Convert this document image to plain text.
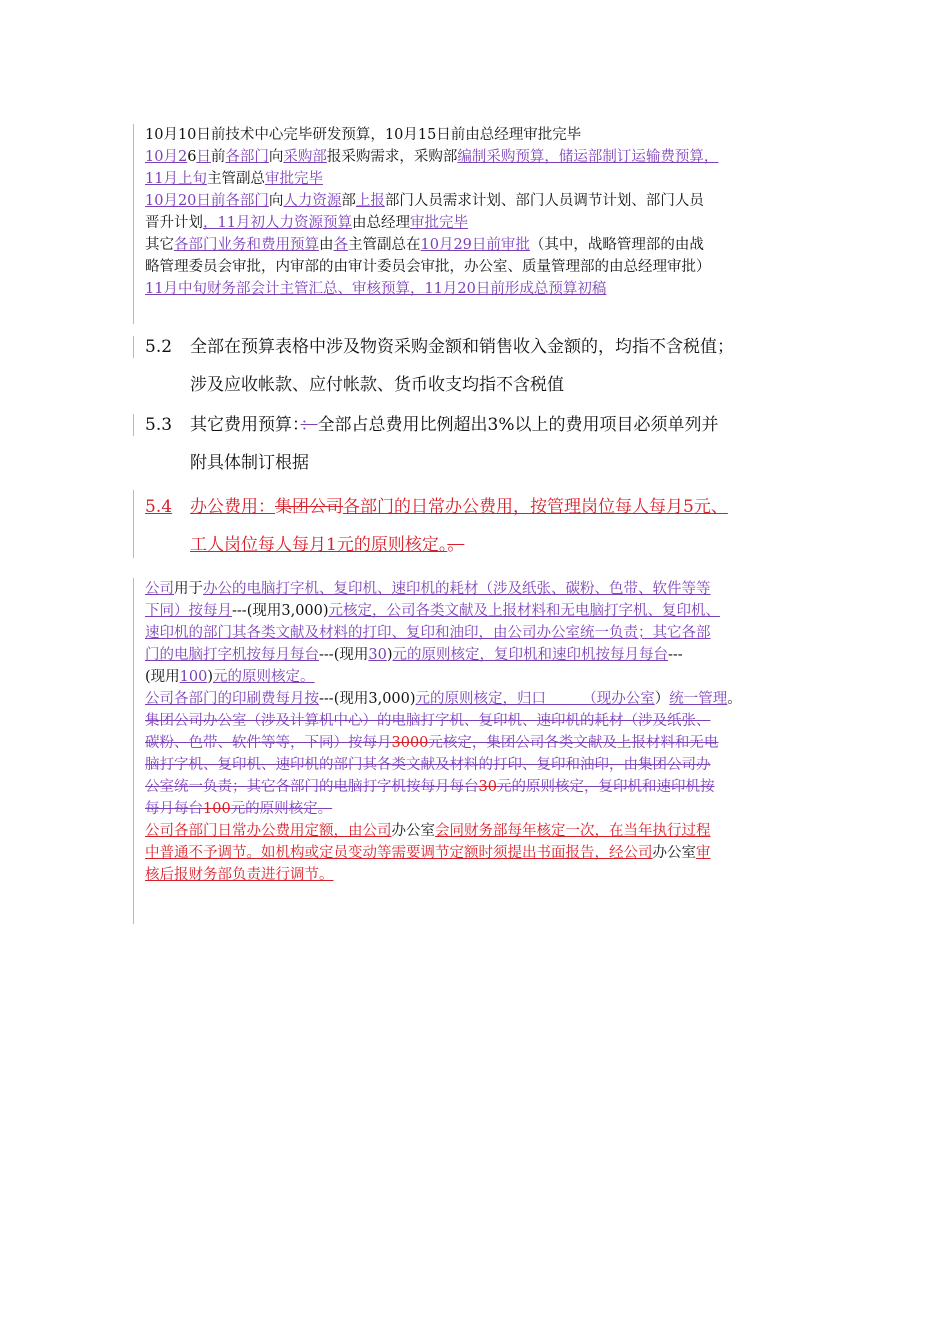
10月10日前技术中心完毕研发预算，10月15日前由总经理审批完毕

10月26日前各部门向采购部报采购需求，采购部编制采购预算，储运部制订运输费预算，

11月上旬主管副总审批完毕

10月20日前各部门向人力资源部上报部门人员需求计划、部门人员调节计划、部门人员

晋升计划，11月初人力资源预算由总经理审批完毕

其它各部门业务和费用预算由各主管副总在10月29日前审批（其中，战略管理部的由战

略管理委员会审批，内审部的由审计委员会审批，办公室、质量管理部的由总经理审批）

11月中旬财务部会计主管汇总、审核预算，11月20日前形成总预算初稿

5.2 全部在预算表格中涉及物资采购金额和销售收入金额的，均指不含税值；

涉及应收帐款、应付帐款、货币收支均指不含税值

5.3 其它费用预算：：全部占总费用比例超出3%以上的费用项目必须单列并

附具体制订根据

5.4 办公费用：集团公司各部门的日常办公费用，按管理岗位每人每月5元、

工人岗位每人每月1元的原则核定。。

公司用于办公的电脑打字机、复印机、速印机的耗材（涉及纸张、碳粉、色带、软件等等

下同）按每月---(现用3,000)元核定，公司各类文献及上报材料和无电脑打字机、复印机、

速印机的部门其各类文献及材料的打印、复印和油印，由公司办公室统一负责；其它各部

门的电脑打字机按每月每台---(现用30)元的原则核定，复印机和速印机按每月每台---

(现用100)元的原则核定。

公司各部门的印刷费每月按---(现用3,000)元的原则核定，归口　　　（现办公室）统一管理。

集团公司办公室（涉及计算机中心）的电脑打字机、复印机、速印机的耗材（涉及纸张、

碳粉、色带、软件等等，下同）按每月3000元核定，集团公司各类文献及上报材料和无电

脑打字机、复印机、速印机的部门其各类文献及材料的打印、复印和油印，由集团公司办

公室统一负责；其它各部门的电脑打字机按每月每台30元的原则核定，复印机和速印机按

每月每台100元的原则核定。

公司各部门日常办公费用定额，由公司办公室会同财务部每年核定一次，在当年执行过程

中普通不予调节。如机构或定员变动等需要调节定额时须提出书面报告，经公司办公室审

核后报财务部负责进行调节。
